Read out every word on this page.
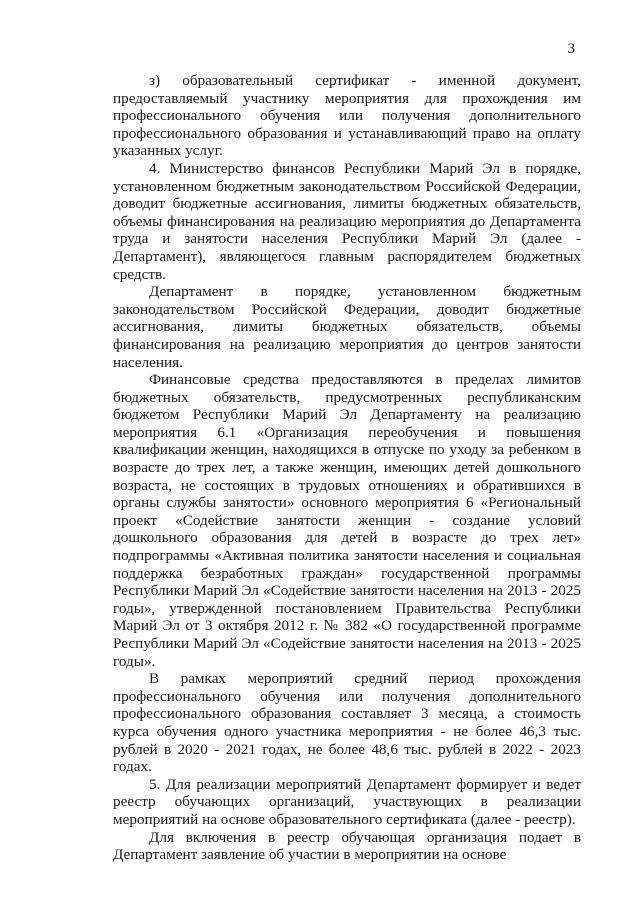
3

з) образовательный сертификат - именной документ, предоставляемый участнику мероприятия для прохождения им профессионального обучения или получения дополнительного профессионального образования и устанавливающий право на оплату указанных услуг.

4. Министерство финансов Республики Марий Эл в порядке, установленном бюджетным законодательством Российской Федерации, доводит бюджетные ассигнования, лимиты бюджетных обязательств, объемы финансирования на реализацию мероприятия до Департамента труда и занятости населения Республики Марий Эл (далее - Департамент), являющегося главным распорядителем бюджетных средств.

Департамент в порядке, установленном бюджетным законодательством Российской Федерации, доводит бюджетные ассигнования, лимиты бюджетных обязательств, объемы финансирования на реализацию мероприятия до центров занятости населения.

Финансовые средства предоставляются в пределах лимитов бюджетных обязательств, предусмотренных республиканским бюджетом Республики Марий Эл Департаменту на реализацию мероприятия 6.1 «Организация переобучения и повышения квалификации женщин, находящихся в отпуске по уходу за ребенком в возрасте до трех лет, а также женщин, имеющих детей дошкольного возраста, не состоящих в трудовых отношениях и обратившихся в органы службы занятости» основного мероприятия 6 «Региональный проект «Содействие занятости женщин - создание условий дошкольного образования для детей в возрасте до трех лет» подпрограммы «Активная политика занятости населения и социальная поддержка безработных граждан» государственной программы Республики Марий Эл «Содействие занятости населения на 2013 - 2025 годы», утвержденной постановлением Правительства Республики Марий Эл от 3 октября 2012 г. № 382 «О государственной программе Республики Марий Эл «Содействие занятости населения на 2013 - 2025 годы».

В рамках мероприятий средний период прохождения профессионального обучения или получения дополнительного профессионального образования составляет 3 месяца, а стоимость курса обучения одного участника мероприятия - не более 46,3 тыс. рублей в 2020 - 2021 годах, не более 48,6 тыс. рублей в 2022 - 2023 годах.

5. Для реализации мероприятий Департамент формирует и ведет реестр обучающих организаций, участвующих в реализации мероприятий на основе образовательного сертификата (далее - реестр).

Для включения в реестр обучающая организация подает в Департамент заявление об участии в мероприятии на основе
